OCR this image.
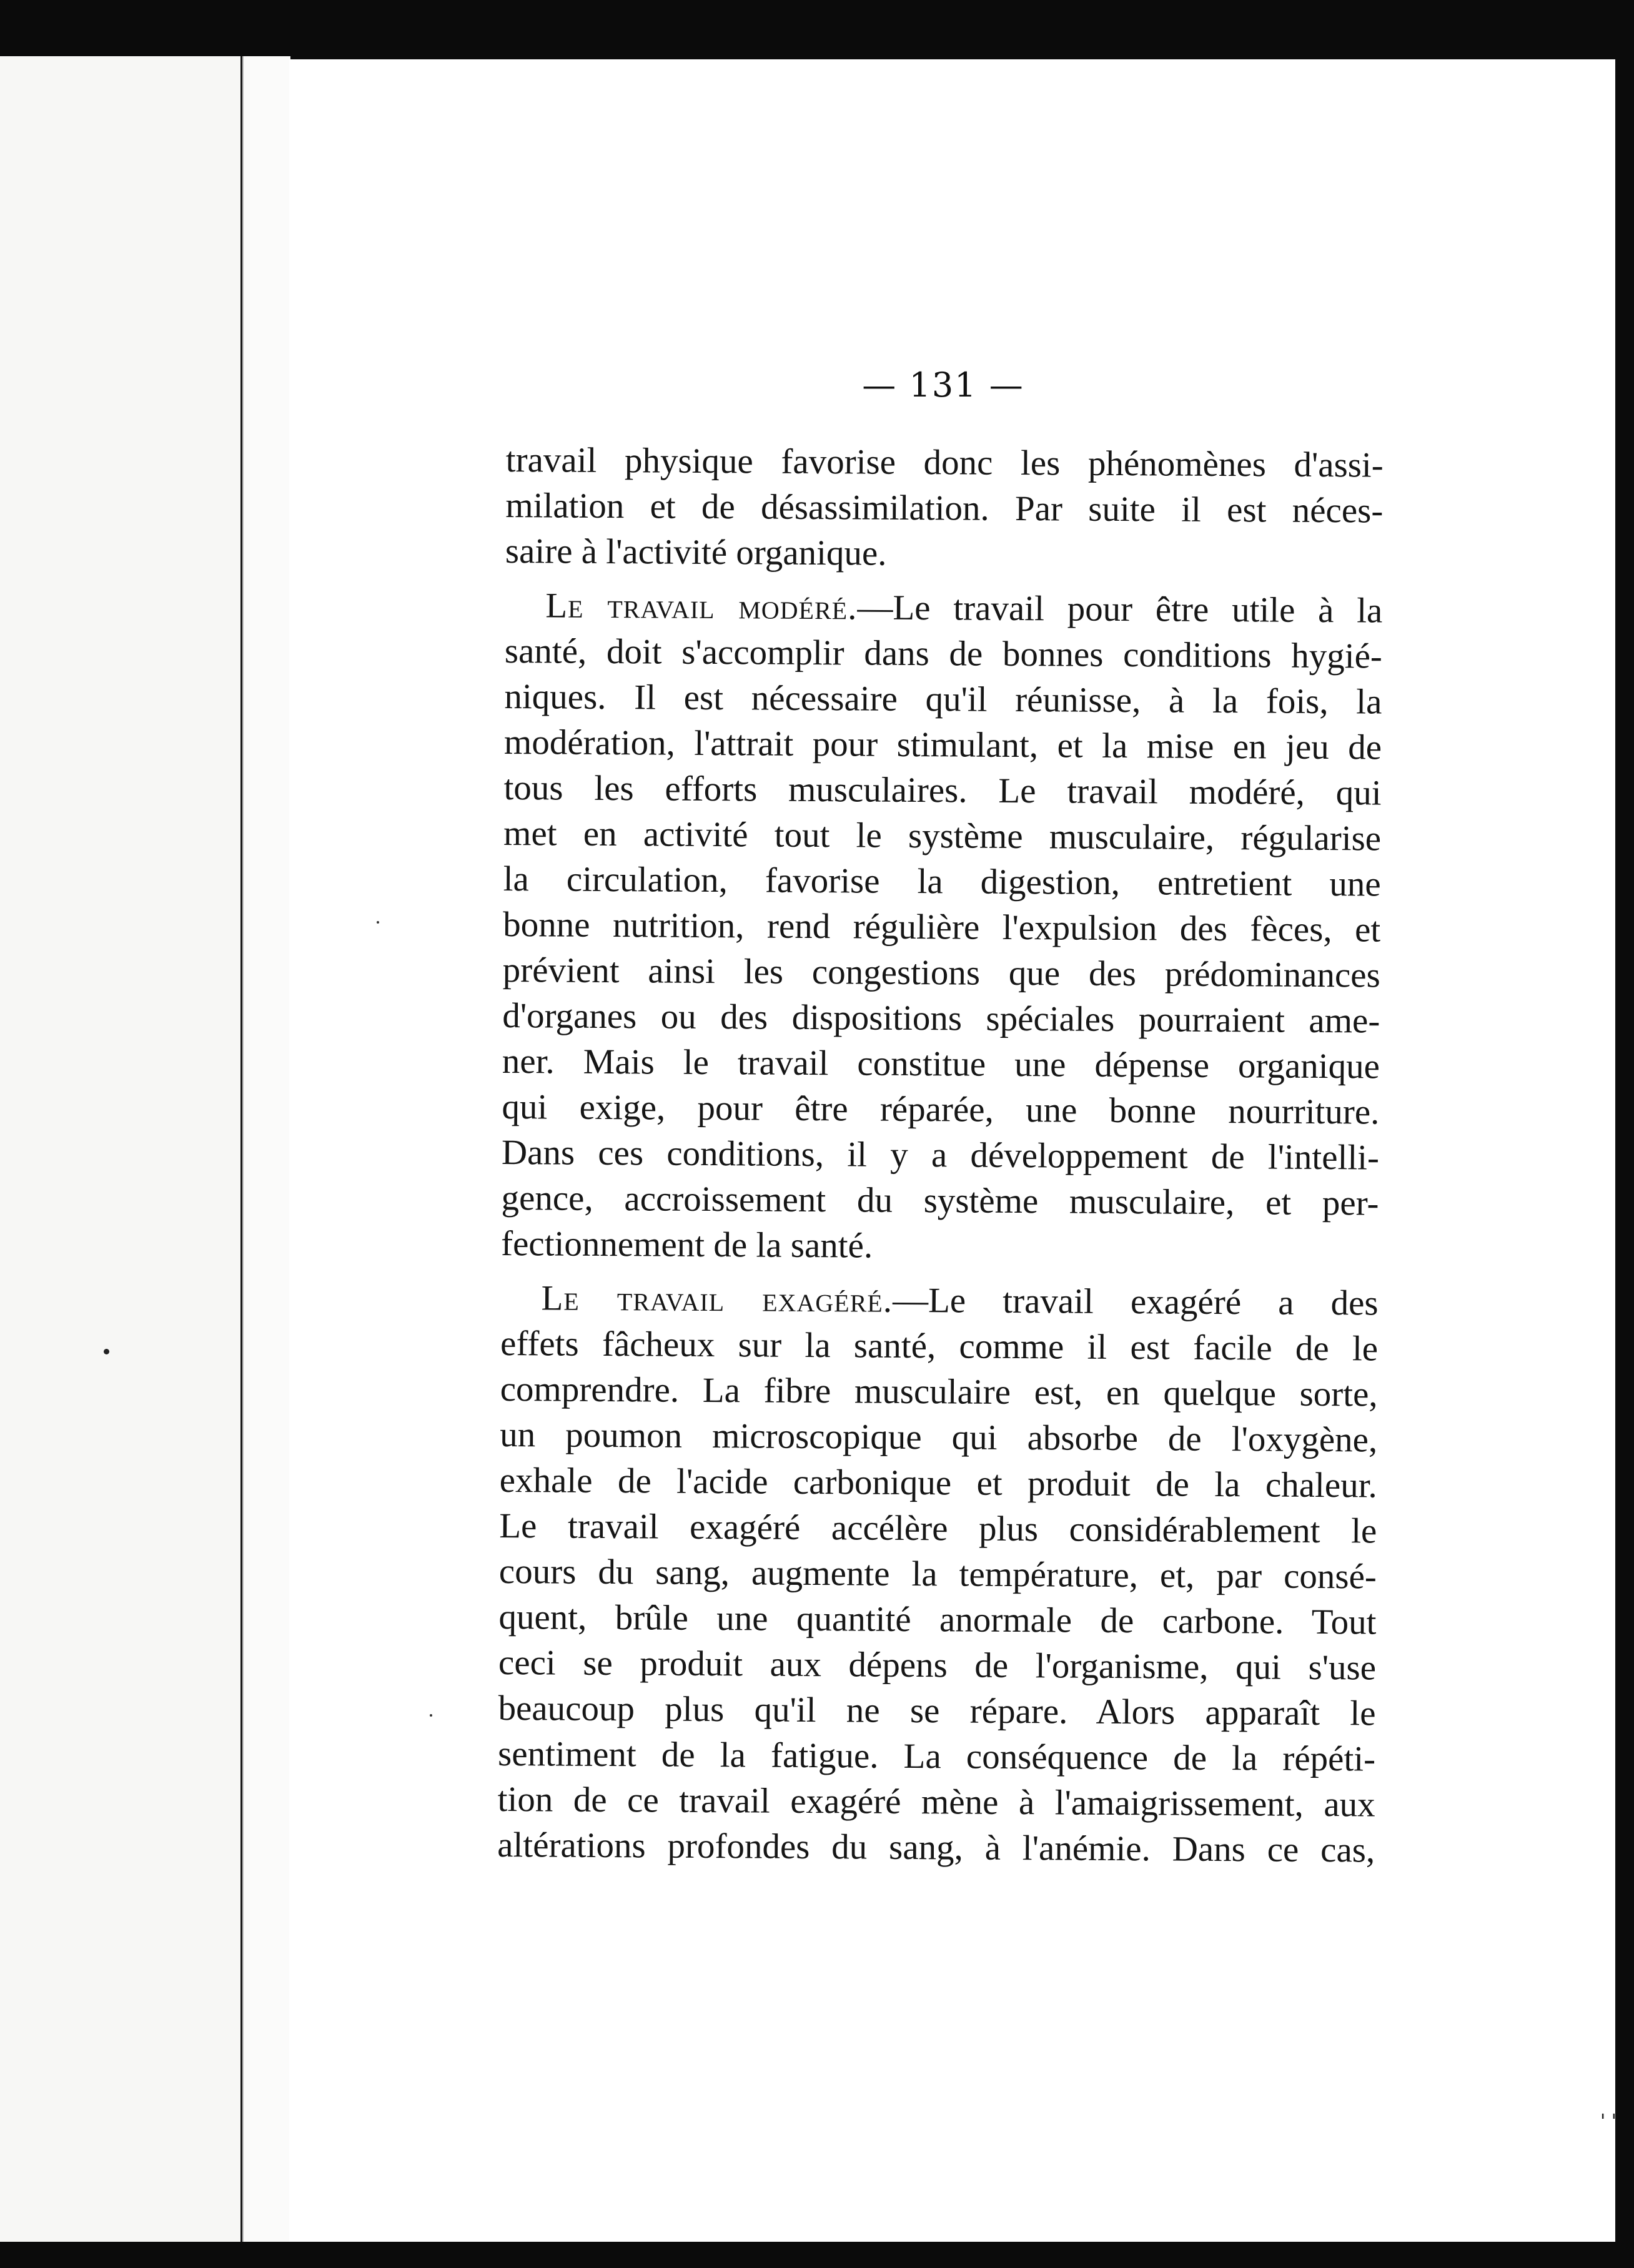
— 131 —
travail physique favorise donc les phénomènes d'assi-
milation et de désassimilation. Par suite il est néces-
saire à l'activité organique.
Le travail modéré.—Le travail pour être utile à la
santé, doit s'accomplir dans de bonnes conditions hygié-
niques. Il est nécessaire qu'il réunisse, à la fois, la
modération, l'attrait pour stimulant, et la mise en jeu de
tous les efforts musculaires. Le travail modéré, qui
met en activité tout le système musculaire, régularise
la circulation, favorise la digestion, entretient une
bonne nutrition, rend régulière l'expulsion des fèces, et
prévient ainsi les congestions que des prédominances
d'organes ou des dispositions spéciales pourraient ame-
ner. Mais le travail constitue une dépense organique
qui exige, pour être réparée, une bonne nourriture.
Dans ces conditions, il y a développement de l'intelli-
gence, accroissement du système musculaire, et per-
fectionnement de la santé.
Le travail exagéré.—Le travail exagéré a des
effets fâcheux sur la santé, comme il est facile de le
comprendre. La fibre musculaire est, en quelque sorte,
un poumon microscopique qui absorbe de l'oxygène,
exhale de l'acide carbonique et produit de la chaleur.
Le travail exagéré accélère plus considérablement le
cours du sang, augmente la température, et, par consé-
quent, brûle une quantité anormale de carbone. Tout
ceci se produit aux dépens de l'organisme, qui s'use
beaucoup plus qu'il ne se répare. Alors apparaît le
sentiment de la fatigue. La conséquence de la répéti-
tion de ce travail exagéré mène à l'amaigrissement, aux
altérations profondes du sang, à l'anémie. Dans ce cas,
' '
